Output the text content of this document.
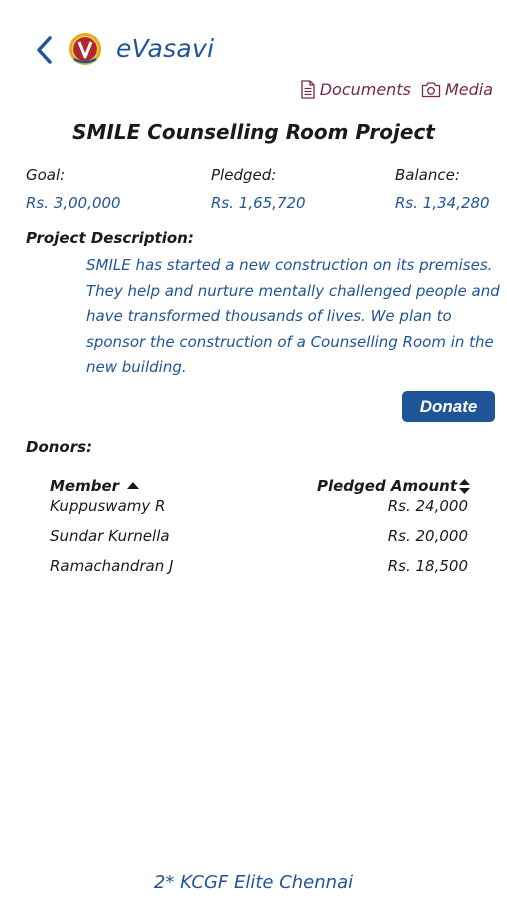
eVasavi
Documents Media
SMILE Counselling Room Project
Goal:
Rs. 3,00,000
Pledged:
Rs. 1,65,720
Balance:
Rs. 1,34,280
Project Description:
SMILE has started a new construction on its premises. They help and nurture mentally challenged people and have transformed thousands of lives. We plan to sponsor the construction of a Counselling Room in the new building.
Donate
Donors:
Member	Pledged Amount
Kuppuswamy R	Rs. 24,000
Sundar Kurnella	Rs. 20,000
Ramachandran J	Rs. 18,500
2* KCGF Elite Chennai
